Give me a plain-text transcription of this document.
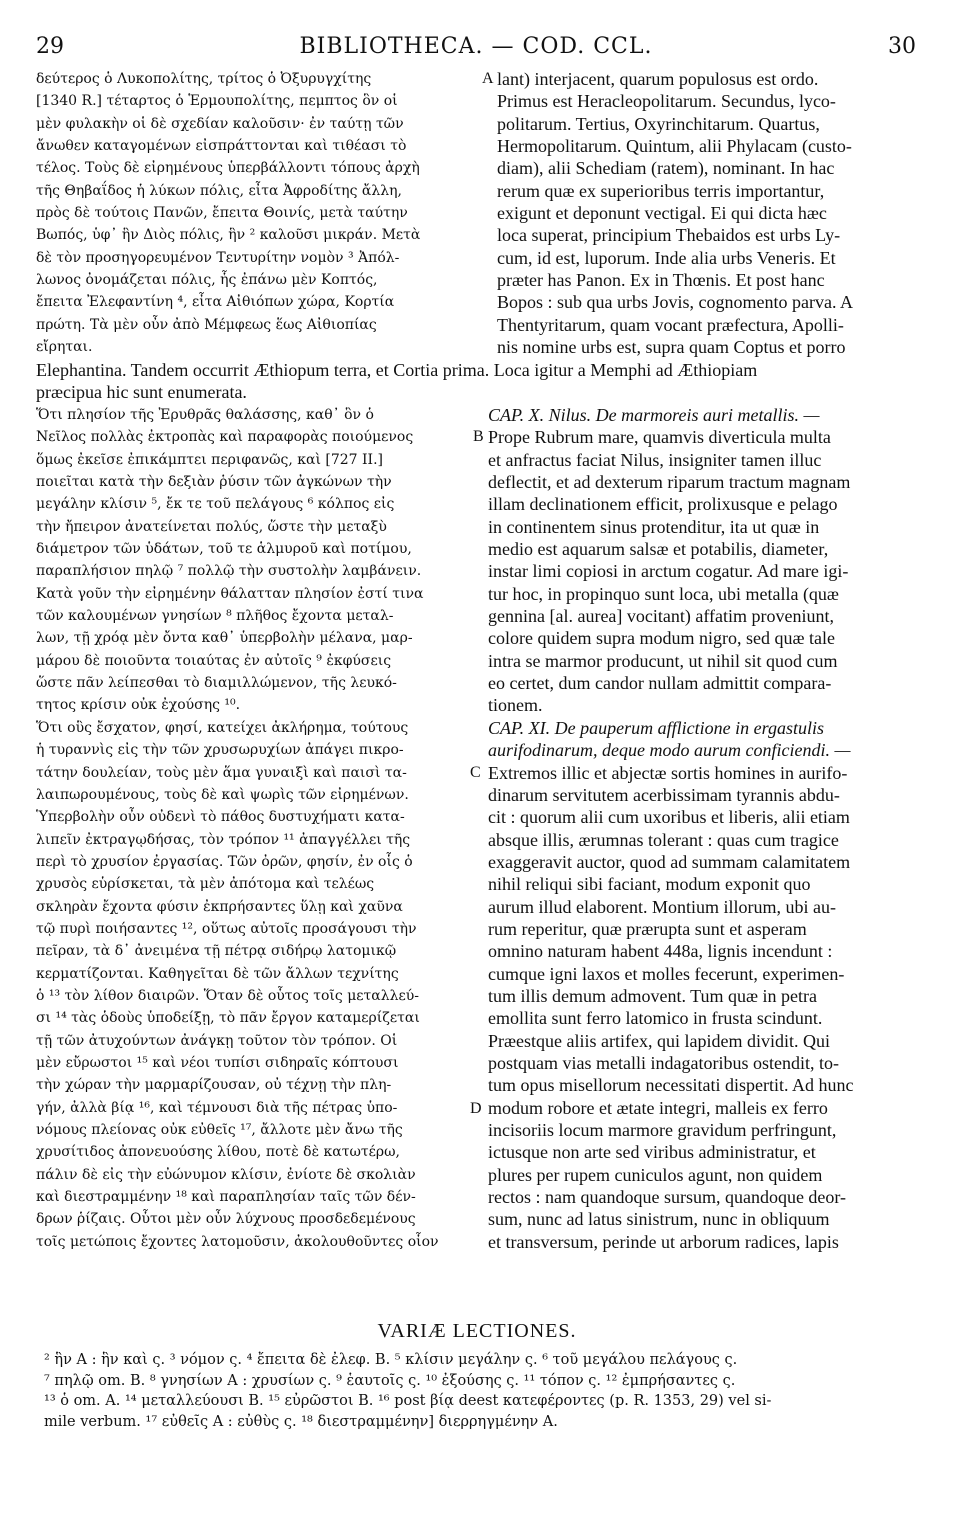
29	BIBLIOTHECA. — COD. CCL.	30

δεύτερος ὁ Λυκοπολίτης, τρίτος ὁ Ὀξυρυγχίτης

[1340 R.] τέταρτος ὁ Ἑρμουπολίτης, πεμπτος ὃν οἱ

μὲν φυλακὴν οἱ δὲ σχεδίαν καλοῦσιν· ἐν ταύτῃ τῶν

ἄνωθεν καταγομένων εἰσπράττονται καὶ τιθέασι τὸ

τέλος. Τοὺς δὲ εἰρημένους ὑπερβάλλοντι τόπους ἀρχὴ

τῆς Θηβαΐδος ἡ λύκων πόλις, εἶτα Ἀφροδίτης ἄλλη,

πρὸς δὲ τούτοις Πανῶν, ἔπειτα Θοινίς, μετὰ ταύτην

Βωπός, ὑφ᾽ ἣν Διὸς πόλις, ἣν ² καλοῦσι μικράν. Μετὰ

δὲ τὸν προσηγορευμένον Τεντυρίτην νομὸν ³ Ἀπόλ-

λωνος ὀνομάζεται πόλις, ἧς ἐπάνω μὲν Κοπτός,

ἔπειτα Ἐλεφαντίνη ⁴, εἶτα Αἰθιόπων χώρα, Κορτία

πρώτη. Τὰ μὲν οὖν ἀπὸ Μέμφεως ἕως Αἰθιοπίας

εἴρηται.

A lant) interjacent, quarum populosus est ordo.

Primus est Heracleopolitarum. Secundus, lyco-

politarum. Tertius, Oxyrinchitarum. Quartus,

Hermopolitarum. Quintum, alii Phylacam (custo-

diam), alii Schediam (ratem), nominant. In hac

rerum quæ ex superioribus terris importantur,

exigunt et deponunt vectigal. Ei qui dicta hæc

loca superat, principium Thebaidos est urbs Ly-

cum, id est, luporum. Inde alia urbs Veneris. Et

præter has Panon. Ex in Thœnis. Et post hanc

Bopos : sub qua urbs Jovis, cognomento parva. A

Thentyritarum, quam vocant præfectura, Apolli-

nis nomine urbs est, supra quam Coptus et porro

Elephantina. Tandem occurrit Æthiopum terra, et Cortia prima. Loca igitur a Memphi ad Æthiopiam

præcipua hic sunt enumerata.

Ὅτι πλησίον τῆς Ἐρυθρᾶς θαλάσσης, καθ᾽ ὃν ὁ

Νεῖλος πολλὰς ἐκτροπὰς καὶ παραφορὰς ποιούμενος

ὅμως ἐκεῖσε ἐπικάμπτει περιφανῶς, καὶ [727 II.]

ποιεῖται κατὰ τὴν δεξιὰν ῥύσιν τῶν ἀγκώνων τὴν

μεγάλην κλίσιν ⁵, ἔκ τε τοῦ πελάγους ⁶ κόλπος εἰς

τὴν ἤπειρον ἀνατείνεται πολύς, ὥστε τὴν μεταξὺ

διάμετρον τῶν ὑδάτων, τοῦ τε ἁλμυροῦ καὶ ποτίμου,

παραπλήσιον πηλῷ ⁷ πολλῷ τὴν συστολὴν λαμβάνειν.

Κατὰ γοῦν τὴν εἰρημένην θάλατταν πλησίον ἐστί τινα

τῶν καλουμένων γνησίων ⁸ πλῆθος ἔχοντα μεταλ-

λων, τῇ χρόᾳ μὲν ὄντα καθ᾽ ὑπερβολὴν μέλανα, μαρ-

μάρου δὲ ποιοῦντα τοιαύτας ἐν αὐτοῖς ⁹ ἐκφύσεις

ὥστε πᾶν λείπεσθαι τὸ διαμιλλώμενον, τῆς λευκό-

τητος κρίσιν οὐκ ἐχούσης ¹⁰.

Ὅτι οὓς ἔσχατον, φησί, κατείχει ἀκλήρημα, τούτους

ἡ τυραννὶς εἰς τὴν τῶν χρυσωρυχίων ἀπάγει πικρο-

τάτην δουλείαν, τοὺς μὲν ἅμα γυναιξὶ καὶ παισὶ τα-

λαιπωρουμένους, τοὺς δὲ καὶ ψωρὶς τῶν εἰρημένων.

Ὑπερβολὴν οὖν οὐδενὶ τὸ πάθος δυστυχήματι κατα-

λιπεῖν ἐκτραγῳδήσας, τὸν τρόπον ¹¹ ἀπαγγέλλει τῆς

περὶ τὸ χρυσίον ἐργασίας. Τῶν ὀρῶν, φησίν, ἐν οἷς ὁ

χρυσὸς εὑρίσκεται, τὰ μὲν ἀπότομα καὶ τελέως

σκληρὰν ἔχοντα φύσιν ἐκπρήσαντες ὕλῃ καὶ χαῦνα

τῷ πυρὶ ποιήσαντες ¹², οὕτως αὐτοῖς προσάγουσι τὴν

πεῖραν, τὰ δ᾽ ἀνειμένα τῇ πέτρᾳ σιδήρῳ λατομικῷ

κερματίζονται. Καθηγεῖται δὲ τῶν ἄλλων τεχνίτης

ὁ ¹³ τὸν λίθον διαιρῶν. Ὅταν δὲ οὗτος τοῖς μεταλλεύ-

σι ¹⁴ τὰς ὁδοὺς ὑποδείξῃ, τὸ πᾶν ἔργον καταμερίζεται

τῇ τῶν ἀτυχούντων ἀνάγκῃ τοῦτον τὸν τρόπον. Οἱ

μὲν εὔρωστοι ¹⁵ καὶ νέοι τυπίσι σιδηραῖς κόπτουσι

τὴν χώραν τὴν μαρμαρίζουσαν, οὐ τέχνῃ τὴν πλη-

γήν, ἀλλὰ βίᾳ ¹⁶, καὶ τέμνουσι διὰ τῆς πέτρας ὑπο-

νόμους πλείονας οὐκ εὐθεῖς ¹⁷, ἄλλοτε μὲν ἄνω τῆς

χρυσίτιδος ἀπονευούσης λίθου, ποτὲ δὲ κατωτέρω,

πάλιν δὲ εἰς τὴν εὐώνυμον κλίσιν, ἐνίοτε δὲ σκολιὰν

καὶ διεστραμμένην ¹⁸ καὶ παραπλησίαν ταῖς τῶν δέν-

δρων ῥίζαις. Οὗτοι μὲν οὖν λύχνους προσδεδεμένους

τοῖς μετώποις ἔχοντες λατομοῦσιν, ἀκολουθοῦντες οἷον

B
C
D

CAP. X. Nilus. De marmoreis auri metallis. —

Prope Rubrum mare, quamvis diverticula multa

et anfractus faciat Nilus, insigniter tamen illuc

deflectit, et ad dexterum riparum tractum magnam

illam declinationem efficit, prolixusque e pelago

in continentem sinus protenditur, ita ut quæ in

medio est aquarum salsæ et potabilis, diameter,

instar limi copiosi in arctum cogatur. Ad mare igi-

tur hoc, in propinquo sunt loca, ubi metalla (quæ

gennina [al. aurea] vocitant) affatim proveniunt,

colore quidem supra modum nigro, sed quæ tale

intra se marmor producunt, ut nihil sit quod cum

eo certet, dum candor nullam admittit compara-

tionem.

CAP. XI. De pauperum afflictione in ergastulis

aurifodinarum, deque modo aurum conficiendi. —

Extremos illic et abjectæ sortis homines in aurifo-

dinarum servitutem acerbissimam tyrannis abdu-

cit : quorum alii cum uxoribus et liberis, alii etiam

absque illis, ærumnas tolerant : quas cum tragice

exaggeravit auctor, quod ad summam calamitatem

nihil reliqui sibi faciant, modum exponit quo

aurum illud elaborent. Montium illorum, ubi au-

rum reperitur, quæ prærupta sunt et asperam

omnino naturam habent 448a, lignis incendunt :

cumque igni laxos et molles fecerunt, experimen-

tum illis demum admovent. Tum quæ in petra

emollita sunt ferro latomico in frusta scindunt.

Præestque aliis artifex, qui lapidem dividit. Qui

postquam vias metalli indagatoribus ostendit, to-

tum opus misellorum necessitati dispertit. Ad hunc

modum robore et ætate integri, malleis ex ferro

incisoriis locum marmore gravidum perfringunt,

ictusque non arte sed viribus administratur, et

plures per rupem cuniculos agunt, non quidem

rectos : nam quandoque sursum, quandoque deor-

sum, nunc ad latus sinistrum, nunc in obliquum

et transversum, perinde ut arborum radices, lapis

VARIÆ LECTIONES.

² ἣν A : ἣν καὶ ς. ³ νόμον ς. ⁴ ἔπειτα δὲ ἐλεφ. B. ⁵ κλίσιν μεγάλην ς. ⁶ τοῦ μεγάλου πελάγους ς.

⁷ πηλῷ om. B. ⁸ γνησίων A : χρυσίων ς. ⁹ ἑαυτοῖς ς. ¹⁰ ἐξούσης ς. ¹¹ τόπον ς. ¹² ἐμπρήσαντες ς.

¹³ ὁ om. A. ¹⁴ μεταλλεύουσι B. ¹⁵ εὐρῶστοι B. ¹⁶ post βίᾳ deest κατεφέροντες (p. R. 1353, 29) vel si-

mile verbum. ¹⁷ εὐθεῖς A : εὐθὺς ς. ¹⁸ διεστραμμένην] διερρηγμένην A.
